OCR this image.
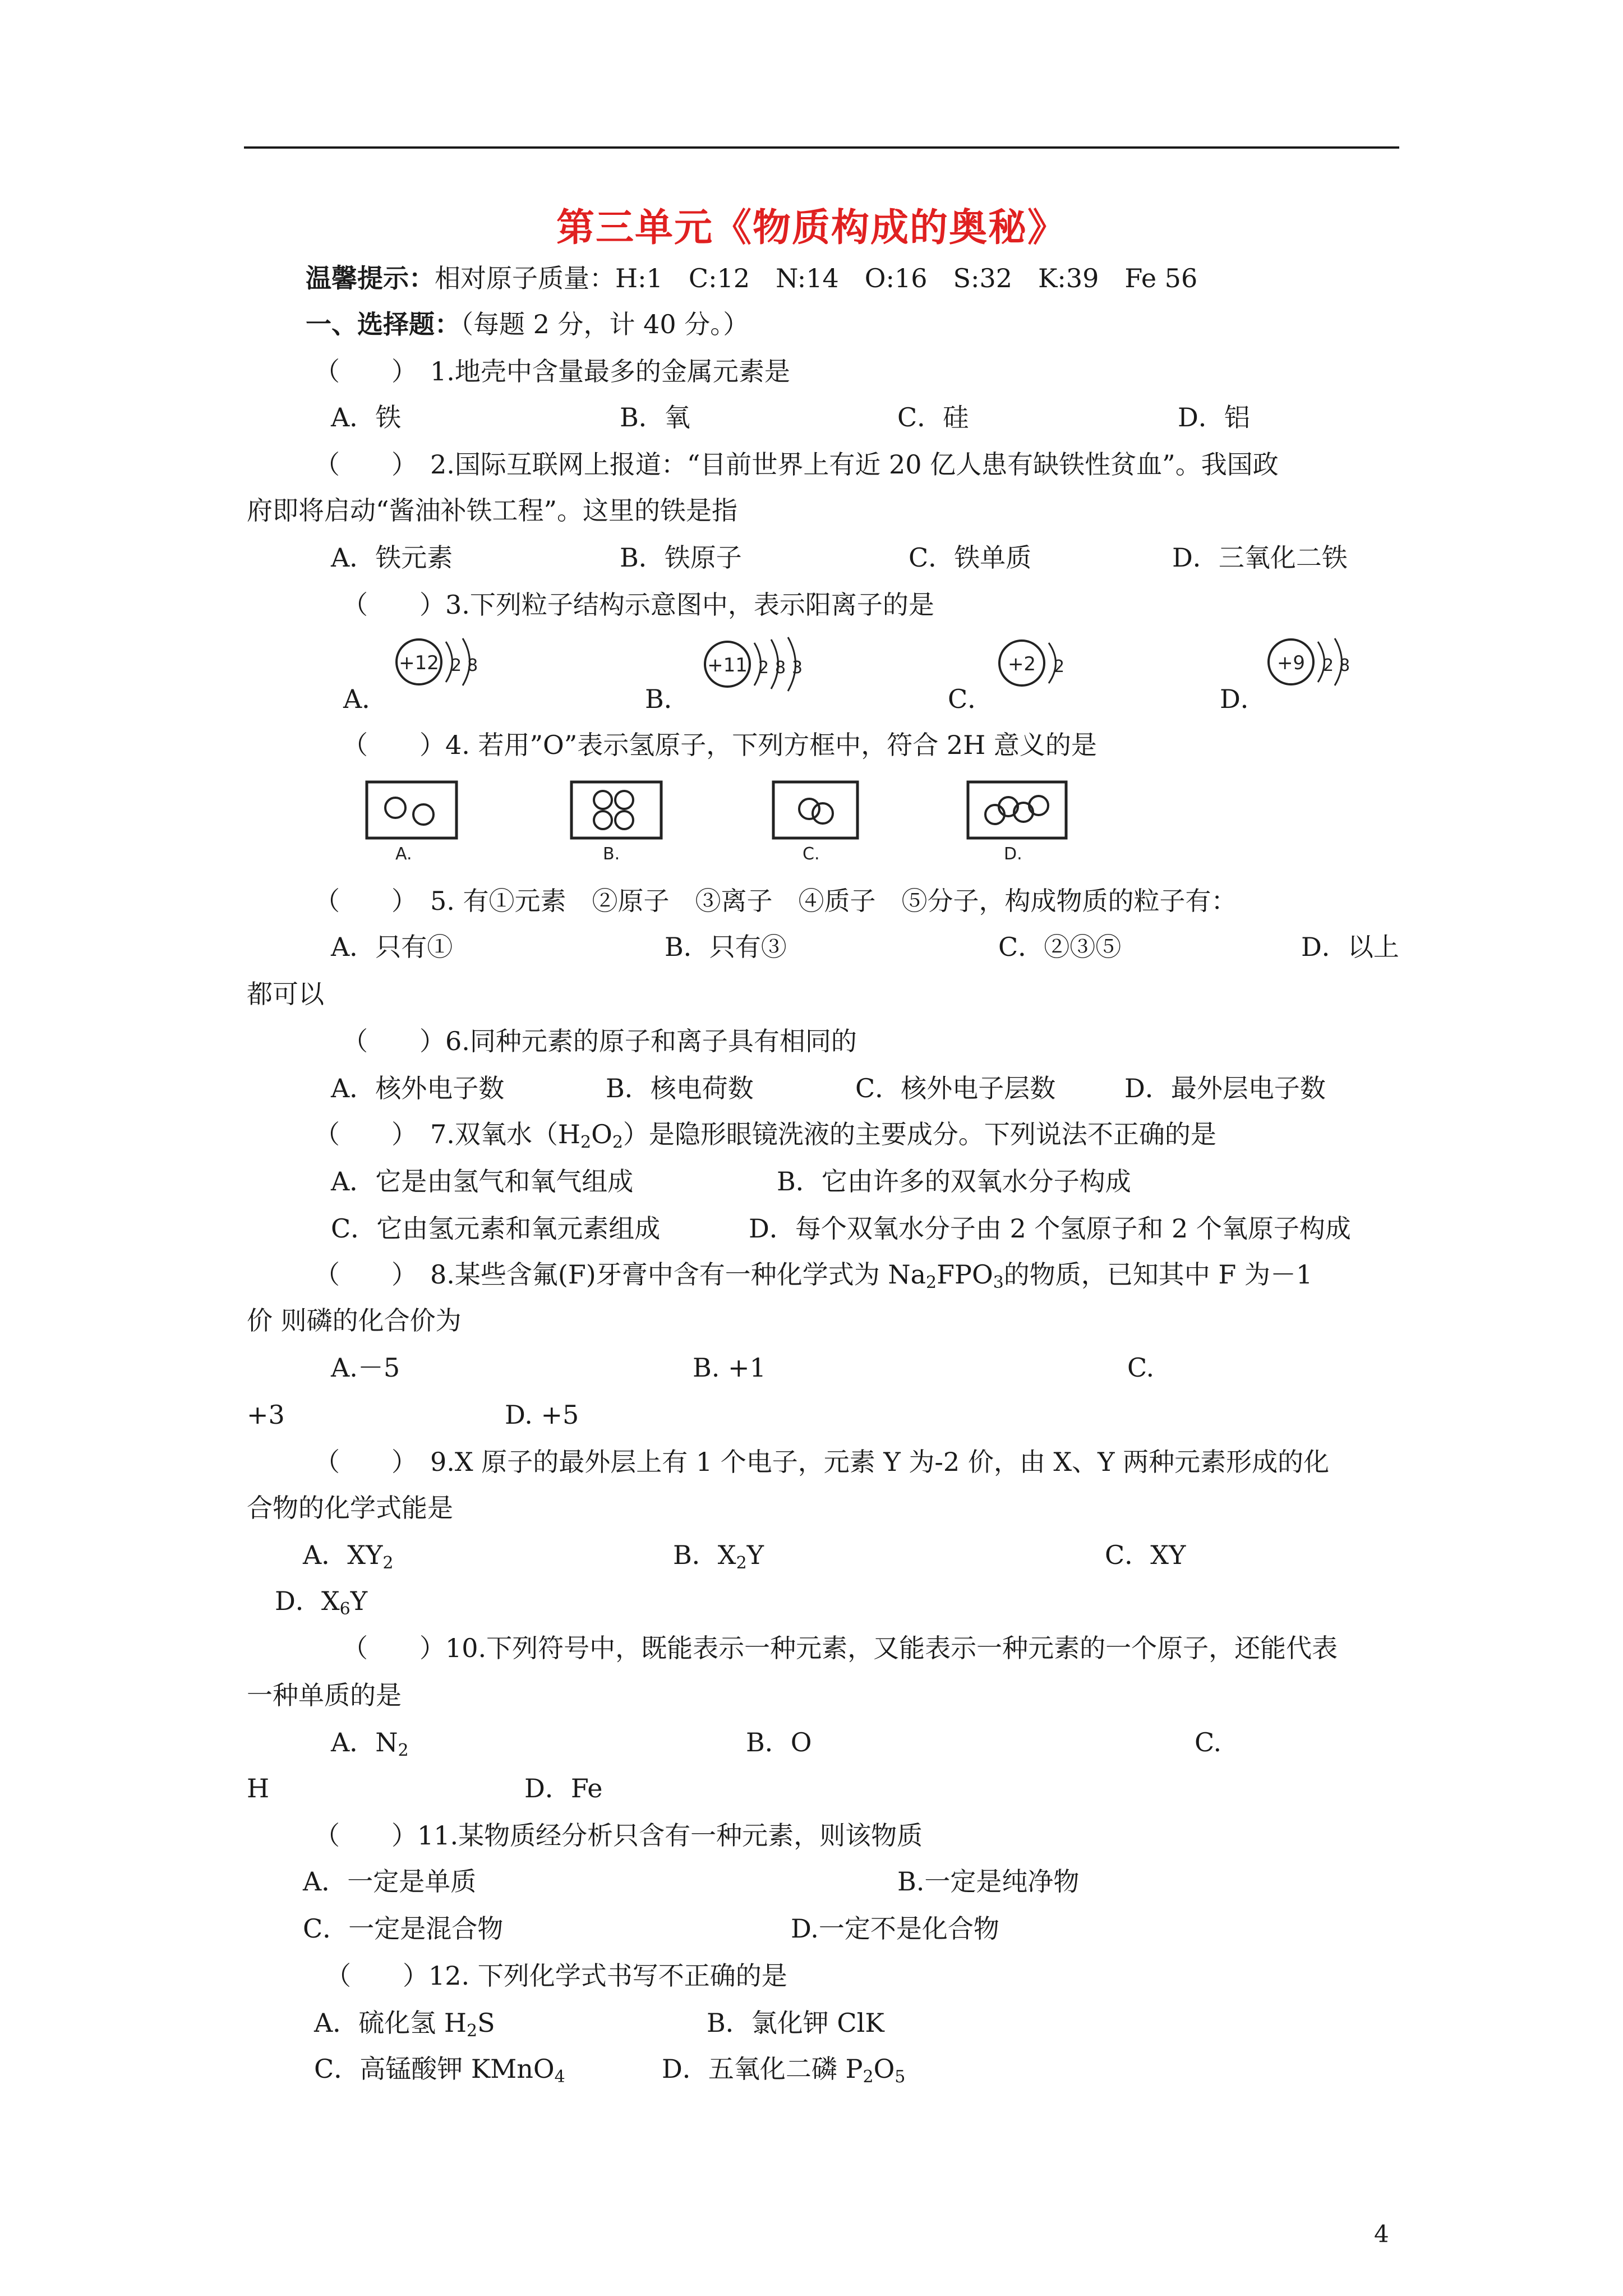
第三单元《物质构成的奥秘》
温馨提示：相对原子质量：H:1　C:12　N:14　O:16　S:32　K:39　Fe 56
一、选择题：（每题 2 分，计 40 分。）
（　　）　1.地壳中含量最多的金属元素是
A．铁	B．氧	C．硅	D．铝
（　　）　2.国际互联网上报道：“目前世界上有近 20 亿人患有缺铁性贫血”。我国政
府即将启动“酱油补铁工程”。这里的铁是指
A．铁元素	B．铁原子	C．铁单质	D．三氧化二铁
（　　）3.下列粒子结构示意图中，表示阳离子的是
A．	B．	C．	D．
+12 2 8	+11 2 8 3	+2 2	+9 2 8
（　　）4. 若用”O”表示氢原子，下列方框中，符合 2H 意义的是
A.	B.	C.	D.
（　　）　5. 有①元素　②原子　③离子　④质子　⑤分子，构成物质的粒子有：
A．只有①	B．只有③	C．②③⑤	D．以上
都可以
（　　）6.同种元素的原子和离子具有相同的
A．核外电子数	B．核电荷数	C．核外电子层数	D．最外层电子数
（　　）　7.双氧水$(H_2O_2)$是隐形眼镜洗液的主要成分。下列说法不正确的是
A．它是由氢气和氧气组成	B．它由许多的双氧水分子构成
C．它由氢元素和氧元素组成	D．每个双氧水分子由 2 个氢原子和 2 个氧原子构成
（　　）　8.某些含氟(F)牙膏中含有一种化学式为 $Na_2FPO_3$的物质，已知其中 F 为－1
价 则磷的化合价为
A.－5	B. +1	C.
+3	D. +5
（　　）　9.X 原子的最外层上有 1 个电子，元素 Y 为-2 价，由 X、Y 两种元素形成的化
合物的化学式能是
A．$XY_2$	B．$X_2Y$	C．XY
D．$X_6Y$
（　　）10.下列符号中，既能表示一种元素，又能表示一种元素的一个原子，还能代表
一种单质的是
A．$N_2$	B．O	C.
H	D．Fe
（　　）11.某物质经分析只含有一种元素，则该物质
A．一定是单质	B.一定是纯净物
C．一定是混合物	D.一定不是化合物
（　　）12. 下列化学式书写不正确的是
A．硫化氢 $H_2S$	B．氯化钾 ClK
C．高锰酸钾 KMnO$_4$	D．五氧化二磷 $P_2O_5$
4
